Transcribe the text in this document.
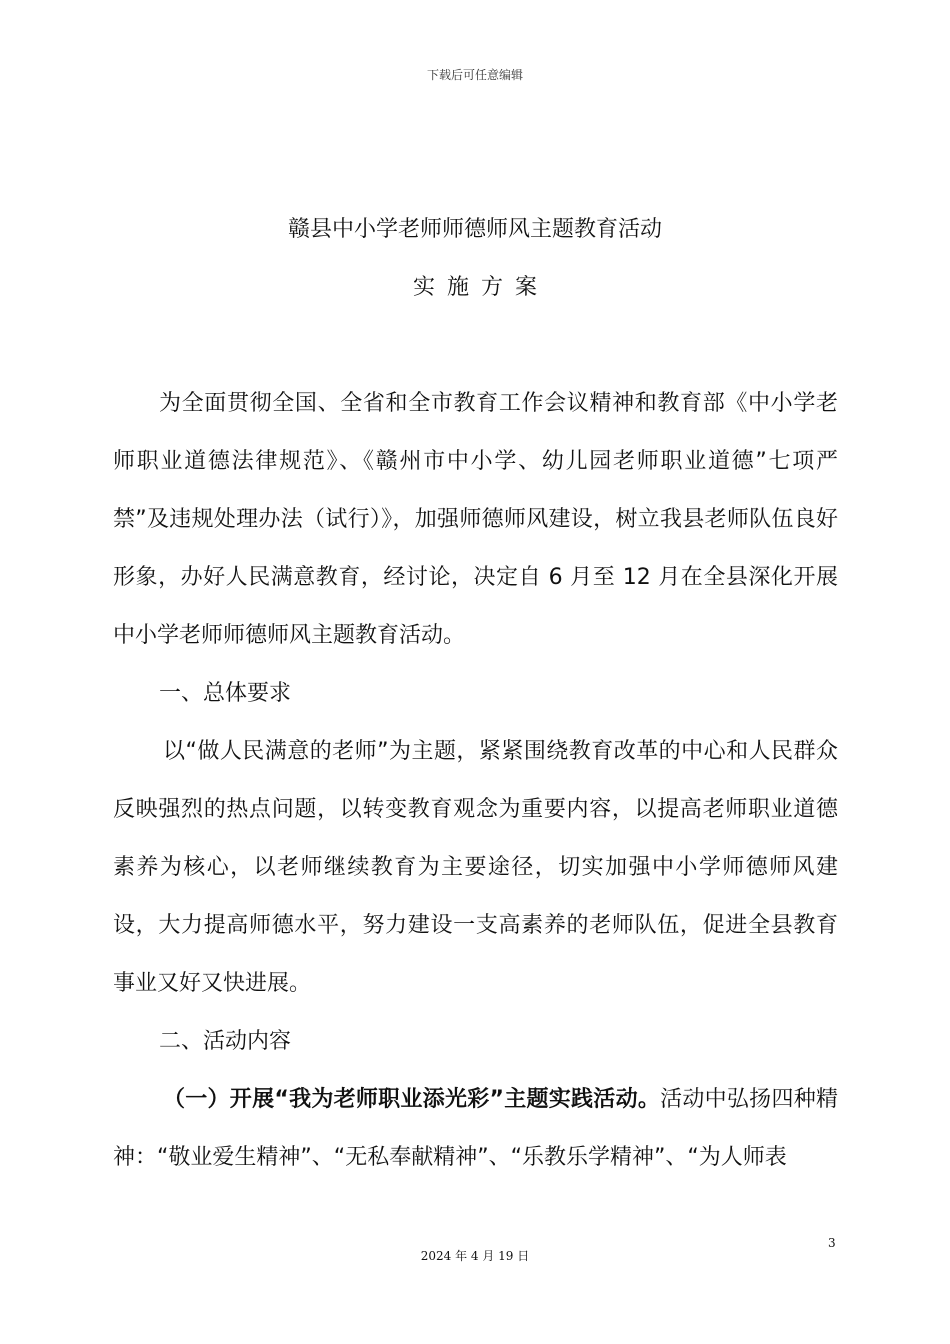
下载后可任意编辑
赣县中小学老师师德师风主题教育活动
实施方案

为全面贯彻全国、全省和全市教育工作会议精神和教育部《中小学老师职业道德法律规范》、《赣州市中小学、幼儿园老师职业道德”七项严禁”及违规处理办法（试行）》，加强师德师风建设，树立我县老师队伍良好形象，办好人民满意教育，经讨论，决定自 6 月至 12 月在全县深化开展中小学老师师德师风主题教育活动。

一、总体要求

以“做人民满意的老师”为主题，紧紧围绕教育改革的中心和人民群众反映强烈的热点问题，以转变教育观念为重要内容，以提高老师职业道德素养为核心，以老师继续教育为主要途径，切实加强中小学师德师风建设，大力提高师德水平，努力建设一支高素养的老师队伍，促进全县教育事业又好又快进展。

二、活动内容

（一）开展“我为老师职业添光彩”主题实践活动。活动中弘扬四种精神：“敬业爱生精神”、“无私奉献精神”、“乐教乐学精神”、“为人师表

3
2024 年 4 月 19 日
